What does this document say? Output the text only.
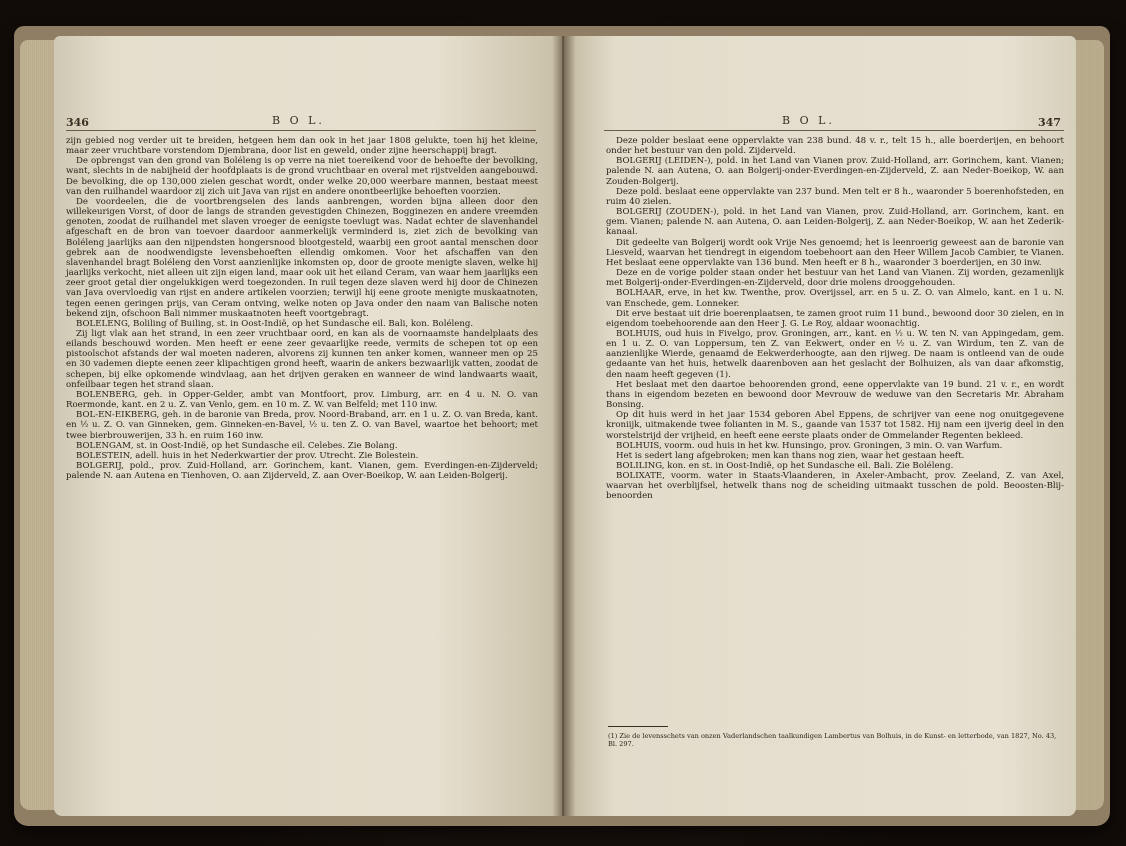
346	B O L.

zijn gebied nog verder uit te breiden, hetgeen hem dan ook in het jaar 1808 gelukte, toen hij het kleine, maar zeer vruchtbare vorstendom Djembrana, door list en geweld, onder zijne heerschappij bragt.

De opbrengst van den grond van Boléleng is op verre na niet toereikend voor de behoefte der bevolking, want, slechts in de nabijheid der hoofdplaats is de grond vruchtbaar en overal met rijstvelden aangebouwd. De bevolking, die op 130,000 zielen geschat wordt, onder welke 20,000 weerbare mannen, bestaat meest van den ruilhandel waardoor zij zich uit Java van rijst en andere onontbeerlijke behoeften voorzien.

De voordeelen, die de voortbrengselen des lands aanbrengen, worden bijna alleen door den willekeurigen Vorst, of door de langs de stranden gevestigden Chinezen, Bogginezen en andere vreemden genoten, zoodat de ruilhandel met slaven vroeger de eenigste toevlugt was. Nadat echter de slavenhandel afgeschaft en de bron van toevoer daardoor aanmerkelijk verminderd is, ziet zich de bevolking van Boléleng jaarlijks aan den nijpendsten hongersnood blootgesteld, waarbij een groot aantal menschen door gebrek aan de noodwendigste levensbehoeften ellendig omkomen. Voor het afschaffen van den slavenhandel bragt Boléleng den Vorst aanzienlijke inkomsten op, door de groote menigte slaven, welke hij jaarlijks verkocht, niet alleen uit zijn eigen land, maar ook uit het eiland Ceram, van waar hem jaarlijks een zeer groot getal dier ongelukkigen werd toegezonden. In ruil tegen deze slaven werd hij door de Chinezen van Java overvloedig van rijst en andere artikelen voorzien; terwijl hij eene groote menigte muskaatnoten, tegen eenen geringen prijs, van Ceram ontving, welke noten op Java onder den naam van Balische noten bekend zijn, ofschoon Bali nimmer muskaatnoten heeft voortgebragt.

BOLELENG, Boliling of Builing, st. in Oost-Indië, op het Sundasche eil. Bali, kon. Boléleng.

Zij ligt vlak aan het strand, in een zeer vruchtbaar oord, en kan als de voornaamste handelplaats des eilands beschouwd worden. Men heeft er eene zeer gevaarlijke reede, vermits de schepen tot op een pistoolschot afstands der wal moeten naderen, alvorens zij kunnen ten anker komen, wanneer men op 25 en 30 vademen diepte eenen zeer klipachtigen grond heeft, waarin de ankers bezwaarlijk vatten, zoodat de schepen, bij elke opkomende windvlaag, aan het drijven geraken en wanneer de wind landwaarts waait, onfeilbaar tegen het strand slaan.

BOLENBERG, geh. in Opper-Gelder, ambt van Montfoort, prov. Limburg, arr. en 4 u. N. O. van Roermonde, kant. en 2 u. Z. van Venlo, gem. en 10 m. Z. W. van Belfeld; met 110 inw.

BOL-EN-EIKBERG, geh. in de baronie van Breda, prov. Noord-Braband, arr. en 1 u. Z. O. van Breda, kant. en ½ u. Z. O. van Ginneken, gem. Ginneken-en-Bavel, ½ u. ten Z. O. van Bavel, waartoe het behoort; met twee bierbrouwerijen, 33 h. en ruim 160 inw.

BOLENGAM, st. in Oost-Indië, op het Sundasche eil. Celebes. Zie Bolang.

BOLESTEIN, adell. huis in het Nederkwartier der prov. Utrecht. Zie Bolestein.

BOLGERIJ, pold., prov. Zuid-Holland, arr. Gorinchem, kant. Vianen, gem. Everdingen-en-Zijderveld; palende N. aan Autena en Tienhoven, O. aan Zijderveld, Z. aan Over-Boeikop, W. aan Leiden-Bolgerij.

B O L.	347

Deze polder beslaat eene oppervlakte van 238 bund. 48 v. r., telt 15 h., alle boerderijen, en behoort onder het bestuur van den pold. Zijderveld.

BOLGERIJ (LEIDEN-), pold. in het Land van Vianen prov. Zuid-Holland, arr. Gorinchem, kant. Vianen; palende N. aan Autena, O. aan Bolgerij-onder-Everdingen-en-Zijderveld, Z. aan Neder-Boeikop, W. aan Zouden-Bolgerij.

Deze pold. beslaat eene oppervlakte van 237 bund. Men telt er 8 h., waaronder 5 boerenhofsteden, en ruim 40 zielen.

BOLGERIJ (ZOUDEN-), pold. in het Land van Vianen, prov. Zuid-Holland, arr. Gorinchem, kant. en gem. Vianen; palende N. aan Autena, O. aan Leiden-Bolgerij, Z. aan Neder-Boeikop, W. aan het Zederik-kanaal.

Dit gedeelte van Bolgerij wordt ook Vrije Nes genoemd; het is leenroerig geweest aan de baronie van Liesveld, waarvan het tiendregt in eigendom toebehoort aan den Heer Willem Jacob Cambier, te Vianen. Het beslaat eene oppervlakte van 136 bund. Men heeft er 8 h., waaronder 3 boerderijen, en 30 inw.

Deze en de vorige polder staan onder het bestuur van het Land van Vianen. Zij worden, gezamenlijk met Bolgerij-onder-Everdingen-en-Zijderveld, door drie molens drooggehouden.

BOLHAAR, erve, in het kw. Twenthe, prov. Overijssel, arr. en 5 u. Z. O. van Almelo, kant. en 1 u. N. van Enschede, gem. Lonneker.

Dit erve bestaat uit drie boerenplaatsen, te zamen groot ruim 11 bund., bewoond door 30 zielen, en in eigendom toebehoorende aan den Heer J. G. Le Roy, aldaar woonachtig.

BOLHUIS, oud huis in Fivelgo, prov. Groningen, arr., kant. en ½ u. W. ten N. van Appingedam, gem. en 1 u. Z. O. van Loppersum, ten Z. van Eekwert, onder en ½ u. Z. van Wirdum, ten Z. van de aanzienlijke Wierde, genaamd de Eekwerderhoogte, aan den rijweg. De naam is ontleend van de oude gedaante van het huis, hetwelk daarenboven aan het geslacht der Bolhuizen, als van daar afkomstig, den naam heeft gegeven (1).

Het beslaat met den daartoe behoorenden grond, eene oppervlakte van 19 bund. 21 v. r., en wordt thans in eigendom bezeten en bewoond door Mevrouw de weduwe van den Secretaris Mr. Abraham Bonsing.

Op dit huis werd in het jaar 1534 geboren Abel Eppens, de schrijver van eene nog onuitgegevene kroniijk, uitmakende twee folianten in M. S., gaande van 1537 tot 1582. Hij nam een ijverig deel in den worstelstrijd der vrijheid, en heeft eene eerste plaats onder de Ommelander Regenten bekleed.

BOLHUIS, voorm. oud huis in het kw. Hunsingo, prov. Groningen, 3 min. O. van Warfum.

Het is sedert lang afgebroken; men kan thans nog zien, waar het gestaan heeft.

BOLILING, kon. en st. in Oost-Indië, op het Sundasche eil. Bali. Zie Boléleng.

BOLIXATE, voorm. water in Staats-Vlaanderen, in Axeler-Ambacht, prov. Zeeland, Z. van Axel, waarvan het overblijfsel, hetwelk thans nog de scheiding uitmaakt tusschen de pold. Beoosten-Blij-benoorden

(1) Zie de levensschets van onzen Vaderlandschen taalkundigen Lambertus van Bolhuis, in de Kunst- en letterbode, van 1827, No. 43, Bl. 297.
